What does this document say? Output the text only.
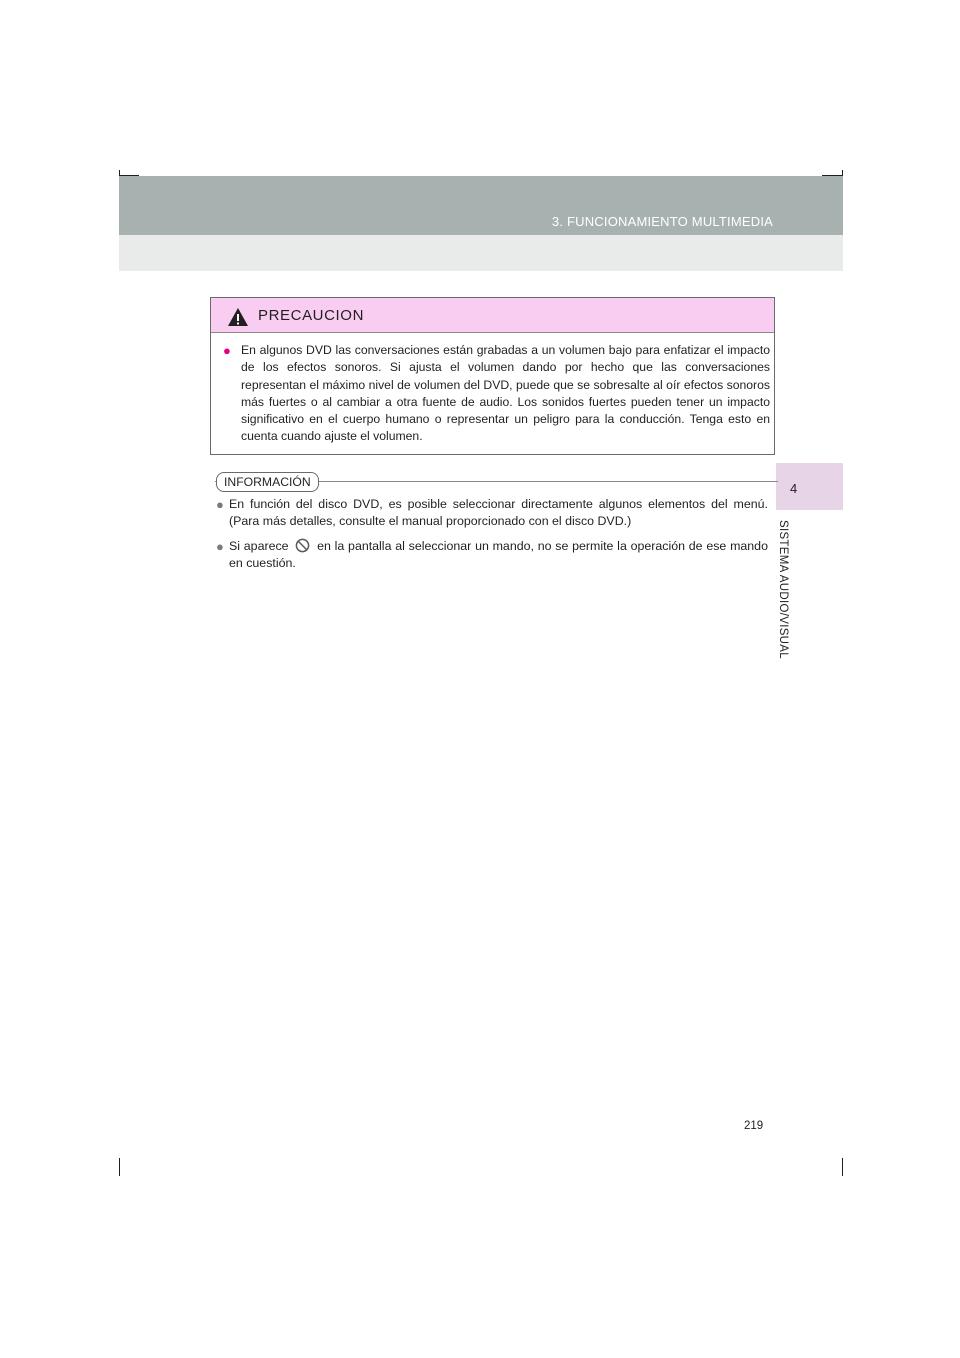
3. FUNCIONAMIENTO MULTIMEDIA
4
SISTEMA AUDIO/VISUAL
PRECAUCION
● En algunos DVD las conversaciones están grabadas a un volumen bajo para enfatizar el impacto de los efectos sonoros. Si ajusta el volumen dando por hecho que las conversaciones representan el máximo nivel de volumen del DVD, puede que se sobresalte al oír efectos sonoros más fuertes o al cambiar a otra fuente de audio. Los sonidos fuertes pueden tener un impacto significativo en el cuerpo humano o representar un peligro para la conducción. Tenga esto en cuenta cuando ajuste el volumen.
INFORMACIÓN
● En función del disco DVD, es posible seleccionar directamente algunos elementos del menú. (Para más detalles, consulte el manual proporcionado con el disco DVD.)
● Si aparece en la pantalla al seleccionar un mando, no se permite la operación de ese mando en cuestión.
219
